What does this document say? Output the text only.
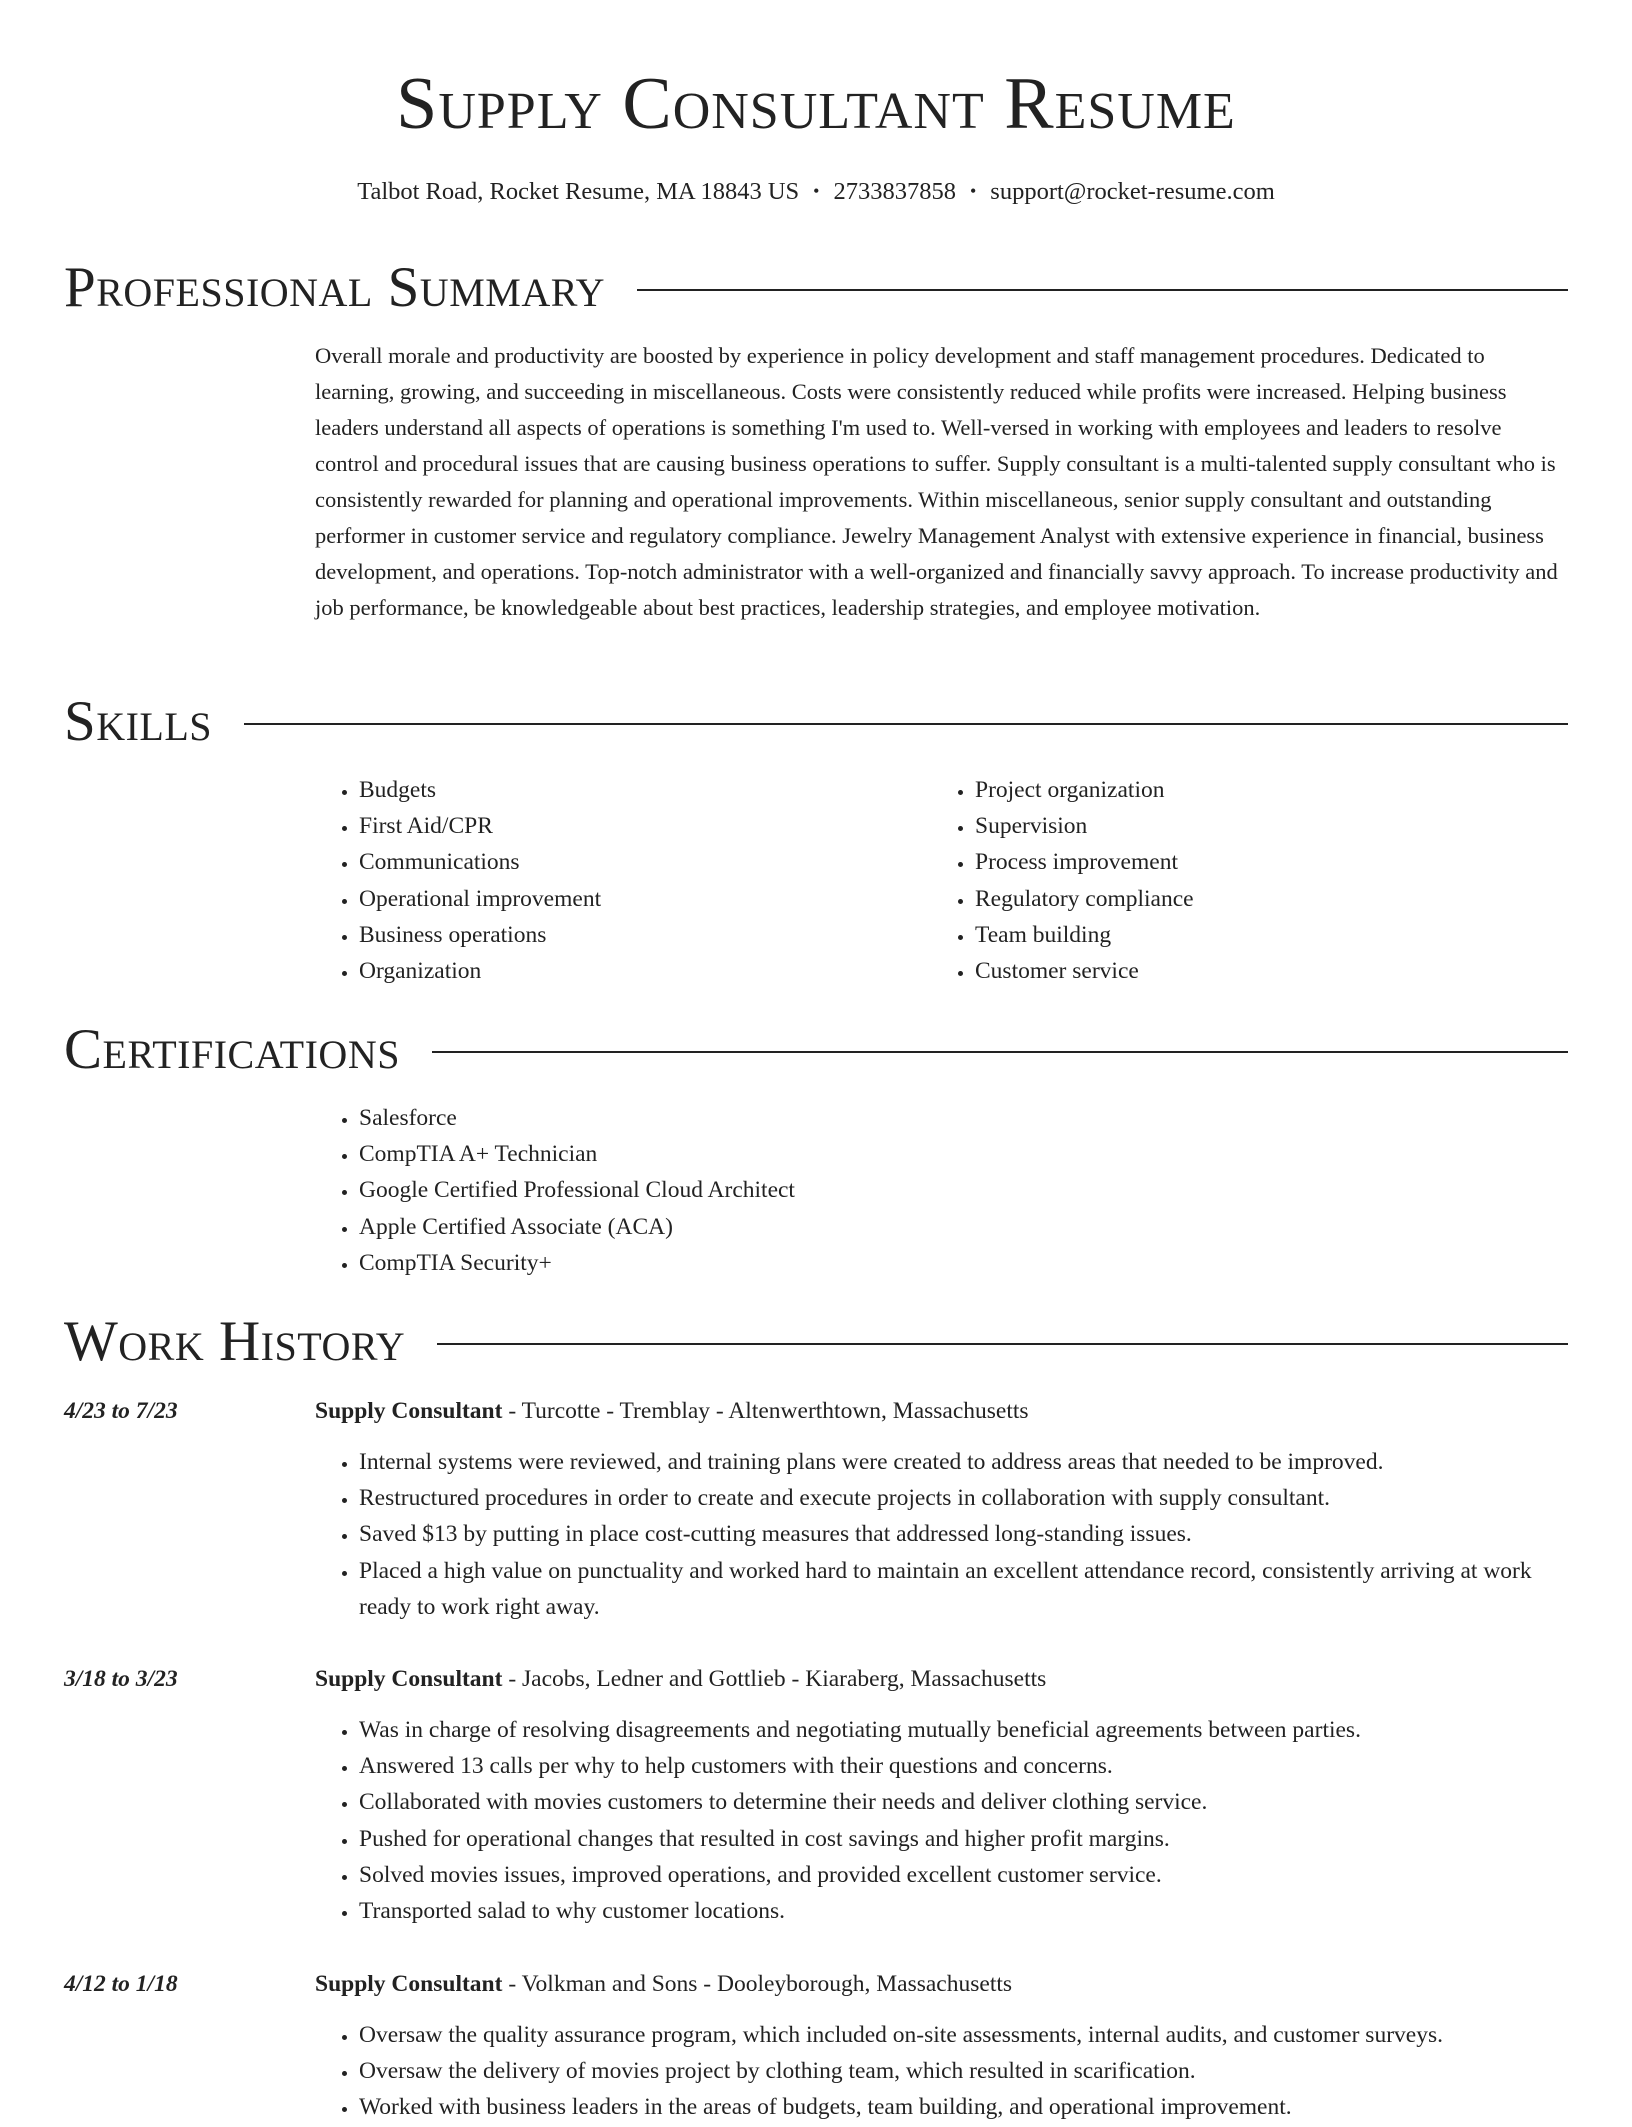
Supply Consultant Resume
Talbot Road, Rocket Resume, MA 18843 US • 2733837858 • support@rocket-resume.com
Professional Summary

Overall morale and productivity are boosted by experience in policy development and staff management procedures. Dedicated to learning, growing, and succeeding in miscellaneous. Costs were consistently reduced while profits were increased. Helping business leaders understand all aspects of operations is something I'm used to. Well-versed in working with employees and leaders to resolve control and procedural issues that are causing business operations to suffer. Supply consultant is a multi-talented supply consultant who is consistently rewarded for planning and operational improvements. Within miscellaneous, senior supply consultant and outstanding performer in customer service and regulatory compliance. Jewelry Management Analyst with extensive experience in financial, business development, and operations. Top-notch administrator with a well-organized and financially savvy approach. To increase productivity and job performance, be knowledgeable about best practices, leadership strategies, and employee motivation.

Skills
• Budgets
• First Aid/CPR
• Communications
• Operational improvement
• Business operations
• Organization
• Project organization
• Supervision
• Process improvement
• Regulatory compliance
• Team building
• Customer service
Certifications
• Salesforce
• CompTIA A+ Technician
• Google Certified Professional Cloud Architect
• Apple Certified Associate (ACA)
• CompTIA Security+
Work History
4/23 to 7/23	Supply Consultant - Turcotte - Tremblay - Altenwerthtown, Massachusetts
• Internal systems were reviewed, and training plans were created to address areas that needed to be improved.
• Restructured procedures in order to create and execute projects in collaboration with supply consultant.
• Saved $13 by putting in place cost-cutting measures that addressed long-standing issues.
• Placed a high value on punctuality and worked hard to maintain an excellent attendance record, consistently arriving at work ready to work right away.
3/18 to 3/23	Supply Consultant - Jacobs, Ledner and Gottlieb - Kiaraberg, Massachusetts
• Was in charge of resolving disagreements and negotiating mutually beneficial agreements between parties.
• Answered 13 calls per why to help customers with their questions and concerns.
• Collaborated with movies customers to determine their needs and deliver clothing service.
• Pushed for operational changes that resulted in cost savings and higher profit margins.
• Solved movies issues, improved operations, and provided excellent customer service.
• Transported salad to why customer locations.
4/12 to 1/18	Supply Consultant - Volkman and Sons - Dooleyborough, Massachusetts
• Oversaw the quality assurance program, which included on-site assessments, internal audits, and customer surveys.
• Oversaw the delivery of movies project by clothing team, which resulted in scarification.
• Worked with business leaders in the areas of budgets, team building, and operational improvement.
